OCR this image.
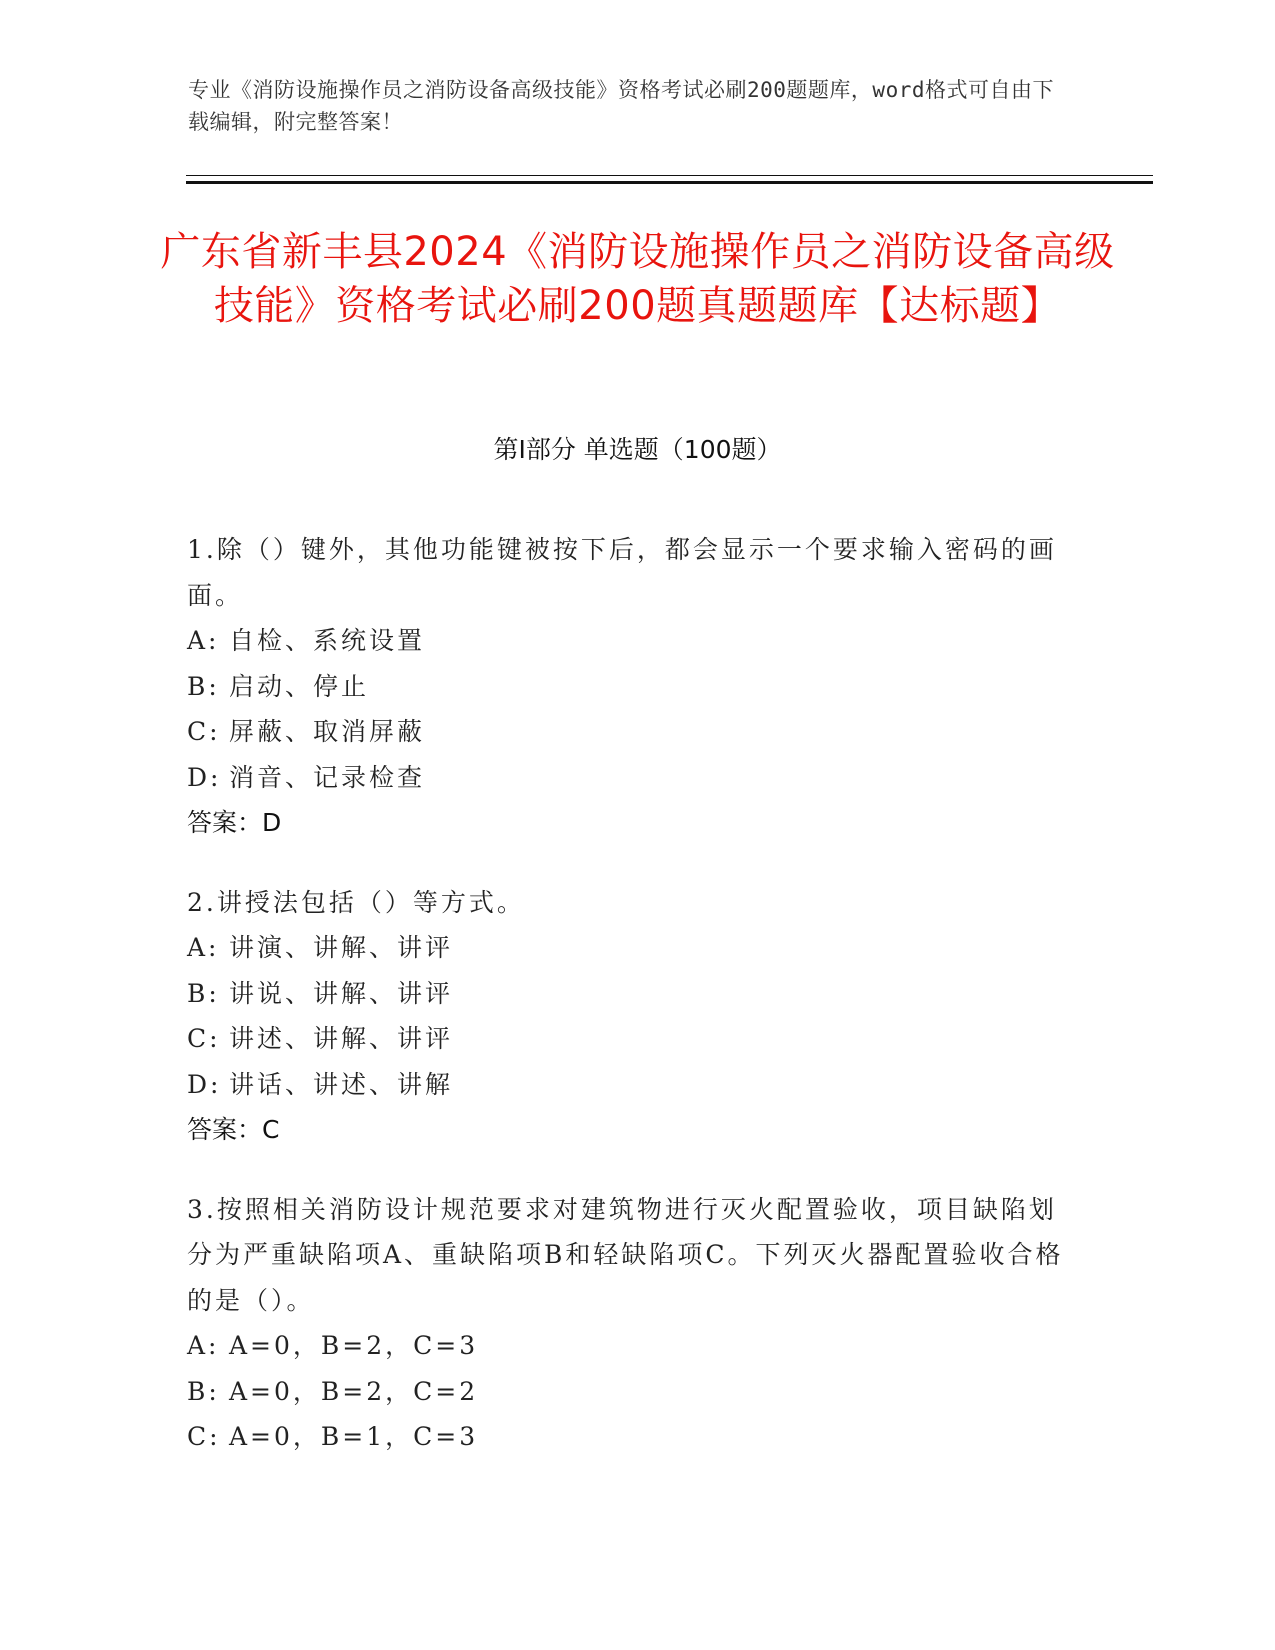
专业《消防设施操作员之消防设备高级技能》资格考试必刷200题题库，word格式可自由下载编辑，附完整答案！
广东省新丰县2024《消防设施操作员之消防设备高级技能》资格考试必刷200题真题题库【达标题】
第I部分 单选题（100题）
1.除（）键外，其他功能键被按下后，都会显示一个要求输入密码的画面。
A: 自检、系统设置
B: 启动、停止
C: 屏蔽、取消屏蔽
D: 消音、记录检查
答案：D
2.讲授法包括（）等方式。
A: 讲演、讲解、讲评
B: 讲说、讲解、讲评
C: 讲述、讲解、讲评
D: 讲话、讲述、讲解
答案：C
3.按照相关消防设计规范要求对建筑物进行灭火配置验收，项目缺陷划分为严重缺陷项A、重缺陷项B和轻缺陷项C。下列灭火器配置验收合格的是（）。
A: A=0，B=2，C=3
B: A=0，B=2，C=2
C: A=0，B=1，C=3
